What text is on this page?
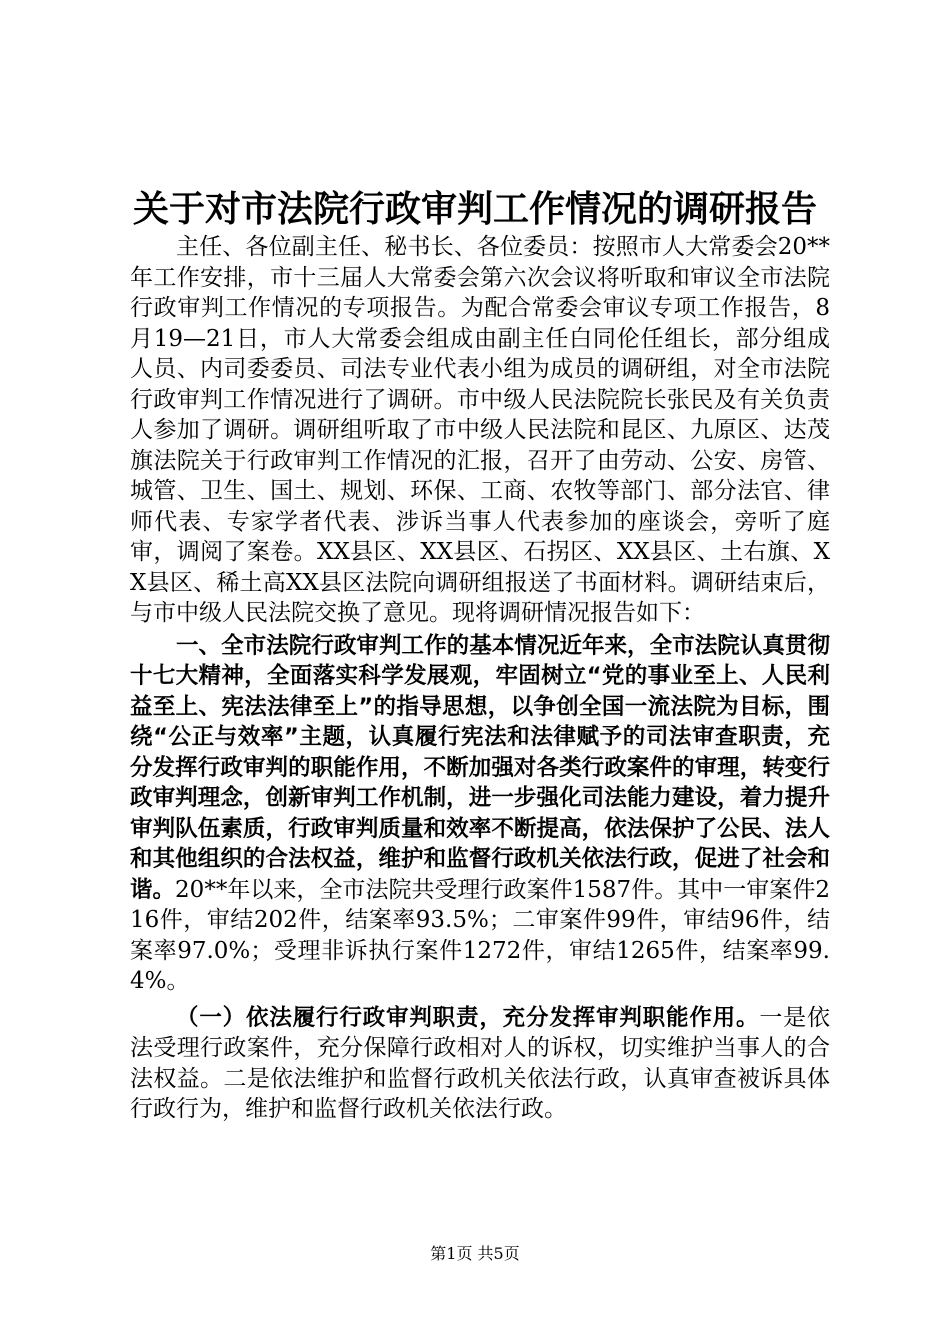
关于对市法院行政审判工作情况的调研报告

主任、各位副主任、秘书长、各位委员：按照市人大常委会20**年工作安排，市十三届人大常委会第六次会议将听取和审议全市法院行政审判工作情况的专项报告。为配合常委会审议专项工作报告，8月19—21日，市人大常委会组成由副主任白同伦任组长，部分组成人员、内司委委员、司法专业代表小组为成员的调研组，对全市法院行政审判工作情况进行了调研。市中级人民法院院长张民及有关负责人参加了调研。调研组听取了市中级人民法院和昆区、九原区、达茂旗法院关于行政审判工作情况的汇报，召开了由劳动、公安、房管、城管、卫生、国土、规划、环保、工商、农牧等部门、部分法官、律师代表、专家学者代表、涉诉当事人代表参加的座谈会，旁听了庭审，调阅了案卷。XX县区、XX县区、石拐区、XX县区、土右旗、XX县区、稀土高XX县区法院向调研组报送了书面材料。调研结束后，与市中级人民法院交换了意见。现将调研情况报告如下：

一、全市法院行政审判工作的基本情况近年来，全市法院认真贯彻十七大精神，全面落实科学发展观，牢固树立“党的事业至上、人民利益至上、宪法法律至上”的指导思想，以争创全国一流法院为目标，围绕“公正与效率”主题，认真履行宪法和法律赋予的司法审查职责，充分发挥行政审判的职能作用，不断加强对各类行政案件的审理，转变行政审判理念，创新审判工作机制，进一步强化司法能力建设，着力提升审判队伍素质，行政审判质量和效率不断提高，依法保护了公民、法人和其他组织的合法权益，维护和监督行政机关依法行政，促进了社会和谐。20**年以来，全市法院共受理行政案件1587件。其中一审案件216件，审结202件，结案率93.5%；二审案件99件，审结96件，结案率97.0%；受理非诉执行案件1272件，审结1265件，结案率99.4%。

（一）依法履行行政审判职责，充分发挥审判职能作用。一是依法受理行政案件，充分保障行政相对人的诉权，切实维护当事人的合法权益。二是依法维护和监督行政机关依法行政，认真审查被诉具体行政行为，维护和监督行政机关依法行政。

第1页 共5页
